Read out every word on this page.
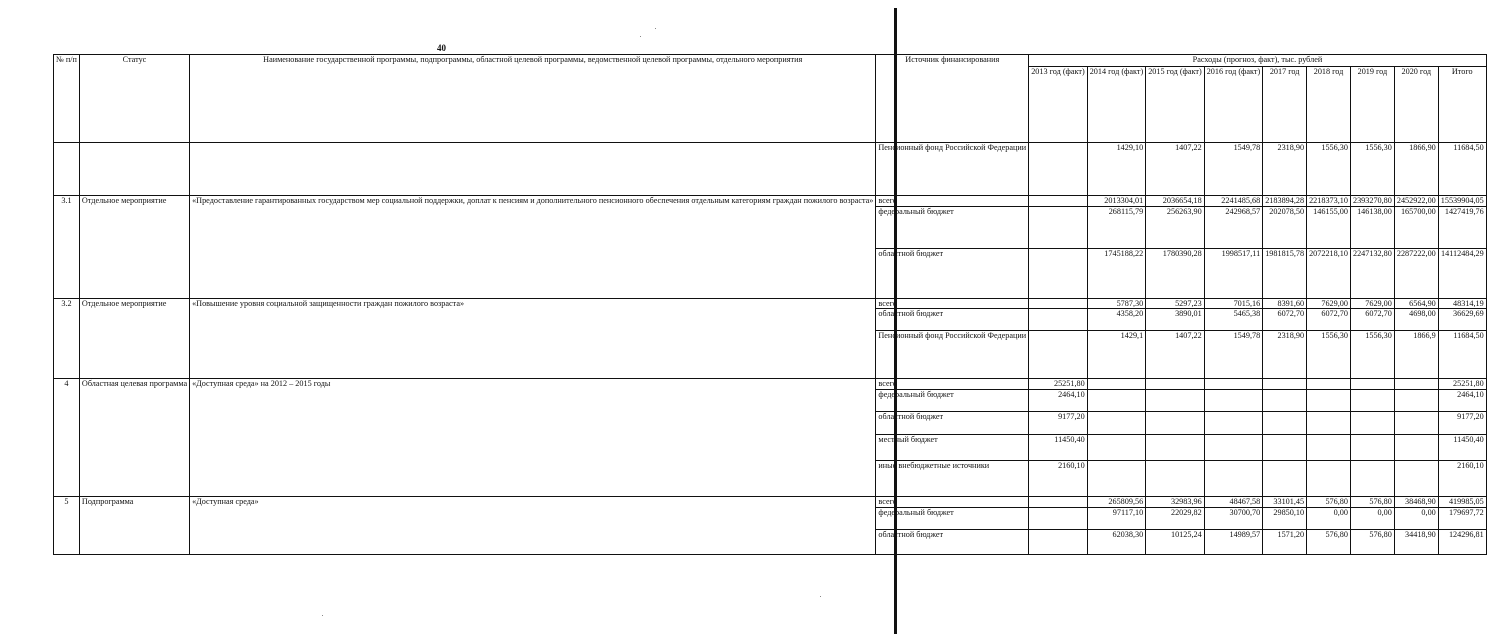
40
№ п/п	Статус	Наименование государственной программы, подпрограммы, областной целевой программы, ведомственной целевой программы, отдельного мероприятия	Источник финансирования	Расходы (прогноз, факт), тыс. рублей								
				2013 год (факт)	2014 год (факт)	2015 год (факт)	2016 год (факт)	2017 год	2018 год	2019 год	2020 год	Итого
			Пенсионный фонд Российской Федерации		1429,10	1407,22	1549,78	2318,90	1556,30	1556,30	1866,90	11684,50
3.1	Отдельное мероприятие	«Предоставление гарантированных государством мер социальной поддержки, доплат к пенсиям и дополнительного пенсионного обеспечения отдельным категориям граждан пожилого возраста»	всего		2013304,01	2036654,18	2241485,68	2183894,28	2218373,10	2393270,80	2452922,00	15539904,05
			федеральный бюджет		268115,79	256263,90	242968,57	202078,50	146155,00	146138,00	165700,00	1427419,76
			областной бюджет		1745188,22	1780390,28	1998517,11	1981815,78	2072218,10	2247132,80	2287222,00	14112484,29
3.2	Отдельное мероприятие	«Повышение уровня социальной защищенности граждан пожилого возраста»	всего		5787,30	5297,23	7015,16	8391,60	7629,00	7629,00	6564,90	48314,19
			областной бюджет		4358,20	3890,01	5465,38	6072,70	6072,70	6072,70	4698,00	36629,69
			Пенсионный фонд Российской Федерации		1429,1	1407,22	1549,78	2318,90	1556,30	1556,30	1866,9	11684,50
4	Областная целевая программа	«Доступная среда» на 2012 – 2015 годы	всего	25251,80								25251,80
			федеральный бюджет	2464,10								2464,10
			областной бюджет	9177,20								9177,20
			местный бюджет	11450,40								11450,40
			иные внебюджетные источники	2160,10								2160,10
5	Подпрограмма	«Доступная среда»	всего		265809,56	32983,96	48467,58	33101,45	576,80	576,80	38468,90	419985,05
			федеральный бюджет		97117,10	22029,82	30700,70	29850,10	0,00	0,00	0,00	179697,72
			областной бюджет		62038,30	10125,24	14989,57	1571,20	576,80	576,80	34418,90	124296,81
